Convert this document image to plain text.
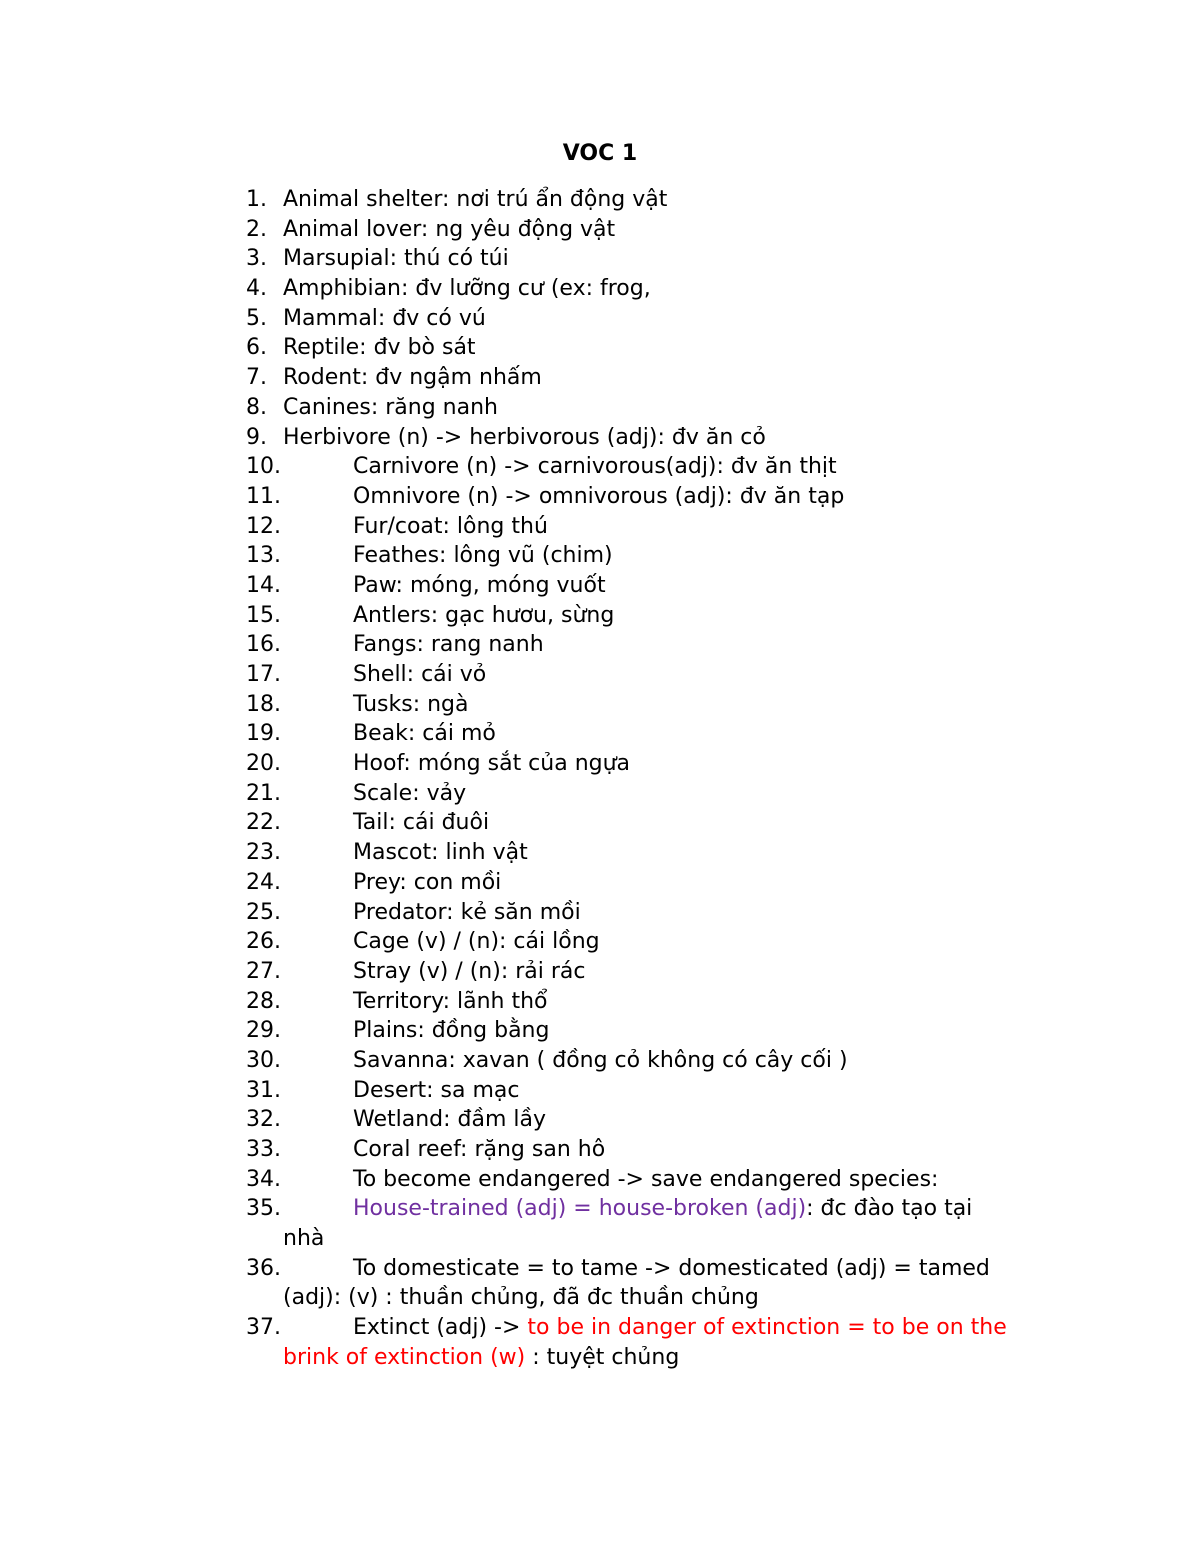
VOC 1
1. Animal shelter: nơi trú ẩn động vật
2. Animal lover: ng yêu động vật
3. Marsupial: thú có túi
4. Amphibian: đv lưỡng cư (ex: frog,
5. Mammal: đv có vú
6. Reptile: đv bò sát
7. Rodent: đv ngậm nhấm
8. Canines: răng nanh
9. Herbivore (n) -> herbivorous (adj): đv ăn cỏ
10.	Carnivore (n) -> carnivorous(adj): đv ăn thịt
11.	Omnivore (n) -> omnivorous (adj): đv ăn tạp
12.	Fur/coat: lông thú
13.	Feathes: lông vũ (chim)
14.	Paw: móng, móng vuốt
15.	Antlers: gạc hươu, sừng
16.	Fangs: rang nanh
17.	Shell: cái vỏ
18.	Tusks: ngà
19.	Beak: cái mỏ
20.	Hoof: móng sắt của ngựa
21.	Scale: vảy
22.	Tail: cái đuôi
23.	Mascot: linh vật
24.	Prey: con mồi
25.	Predator: kẻ săn mồi
26.	Cage (v) / (n): cái lồng
27.	Stray (v) / (n): rải rác
28.	Territory: lãnh thổ
29.	Plains: đồng bằng
30.	Savanna: xavan ( đồng cỏ không có cây cối )
31.	Desert: sa mạc
32.	Wetland: đầm lầy
33.	Coral reef: rặng san hô
34.	To become endangered -> save endangered species:
35.	House-trained (adj) = house-broken (adj): đc đào tạo tại
nhà
36.	To domesticate = to tame -> domesticated (adj) = tamed
(adj): (v) : thuần chủng, đã đc thuần chủng
37.	Extinct (adj) -> to be in danger of extinction = to be on the
brink of extinction (w) : tuyệt chủng
